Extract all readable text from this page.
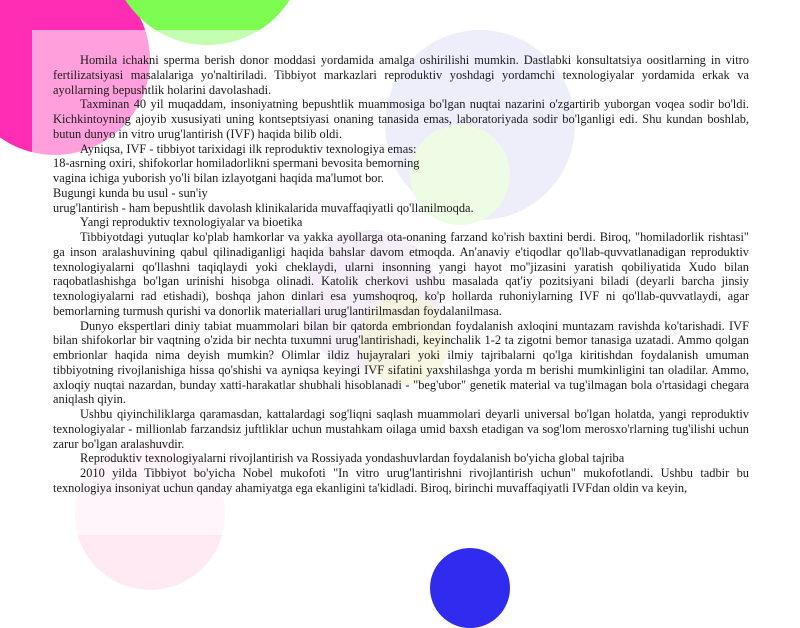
Homila ichakni sperma berish donor moddasi yordamida amalga oshirilishi mumkin. Dastlabki konsultatsiya oositlarning in vitro fertilizatsiyasi masalalariga yo'naltiriladi. Tibbiyot markazlari reproduktiv yoshdagi yordamchi texnologiyalar yordamida erkak va ayollarning bepushtlik holarini davolashadi.

Taxminan 40 yil muqaddam, insoniyatning bepushtlik muammosiga bo'lgan nuqtai nazarini o'zgartirib yuborgan voqea sodir bo'ldi. Kichkintoyning ajoyib xususiyati uning kontseptsiyasi onaning tanasida emas, laboratoriyada sodir bo'lganligi edi. Shu kundan boshlab, butun dunyo in vitro urug'lantirish (IVF) haqida bilib oldi.

Ayniqsa, IVF - tibbiyot tarixidagi ilk reproduktiv texnologiya emas:
18-asrning oxiri, shifokorlar homiladorlikni spermani bevosita bemorning
vagina ichiga yuborish yo'li bilan izlayotgani haqida ma'lumot bor.
Bugungi kunda bu usul - sun'iy
urug'lantirish - ham bepushtlik davolash klinikalarida muvaffaqiyatli qo'llanilmoqda.

Yangi reproduktiv texnologiyalar va bioetika

Tibbiyotdagi yutuqlar ko'plab hamkorlar va yakka ayollarga ota-onaning farzand ko'rish baxtini berdi. Biroq, "homiladorlik rishtasi" ga inson aralashuvining qabul qilinadiganligi haqida bahslar davom etmoqda. An'anaviy e'tiqodlar qo'llab-quvvatlanadigan reproduktiv texnologiyalarni qo'llashni taqiqlaydi yoki cheklaydi, ularni insonning yangi hayot mo''jizasini yaratish qobiliyatida Xudo bilan raqobatlashishga bo'lgan urinishi hisobga olinadi. Katolik cherkovi ushbu masalada qat'iy pozitsiyani biladi (deyarli barcha jinsiy texnologiyalarni rad etishadi), boshqa jahon dinlari esa yumshoqroq, ko'p hollarda ruhoniylarning IVF ni qo'llab-quvvatlaydi, agar bemorlarning turmush qurishi va donorlik materiallari urug'lantirilmasdan foydalanilmasa.

Dunyo ekspertlari diniy tabiat muammolari bilan bir qatorda embriondan foydalanish axloqini muntazam ravishda ko'tarishadi. IVF bilan shifokorlar bir vaqtning o'zida bir nechta tuxumni urug'lantirishadi, keyinchalik 1-2 ta zigotni bemor tanasiga uzatadi. Ammo qolgan embrionlar haqida nima deyish mumkin? Olimlar ildiz hujayralari yoki ilmiy tajribalarni qo'lga kiritishdan foydalanish umuman tibbiyotning rivojlanishiga hissa qo'shishi va ayniqsa keyingi IVF sifatini yaxshilashga yorda m berishi mumkinligini tan oladilar. Ammo, axloqiy nuqtai nazardan, bunday xatti-harakatlar shubhali hisoblanadi - "beg'ubor" genetik material va tug'ilmagan bola o'rtasidagi chegara aniqlash qiyin.

Ushbu qiyinchiliklarga qaramasdan, kattalardagi sog'liqni saqlash muammolari deyarli universal bo'lgan holatda, yangi reproduktiv texnologiyalar - millionlab farzandsiz juftliklar uchun mustahkam oilaga umid baxsh etadigan va sog'lom merosxo'rlarning tug'ilishi uchun zarur bo'lgan aralashuvdir.

Reproduktiv texnologiyalarni rivojlantirish va Rossiyada yondashuvlardan foydalanish bo'yicha global tajriba

2010 yilda Tibbiyot bo'yicha Nobel mukofoti "In vitro urug'lantirishni rivojlantirish uchun" mukofotlandi. Ushbu tadbir bu texnologiya insoniyat uchun qanday ahamiyatga ega ekanligini ta'kidladi. Biroq, birinchi muvaffaqiyatli IVFdan oldin va keyin,
